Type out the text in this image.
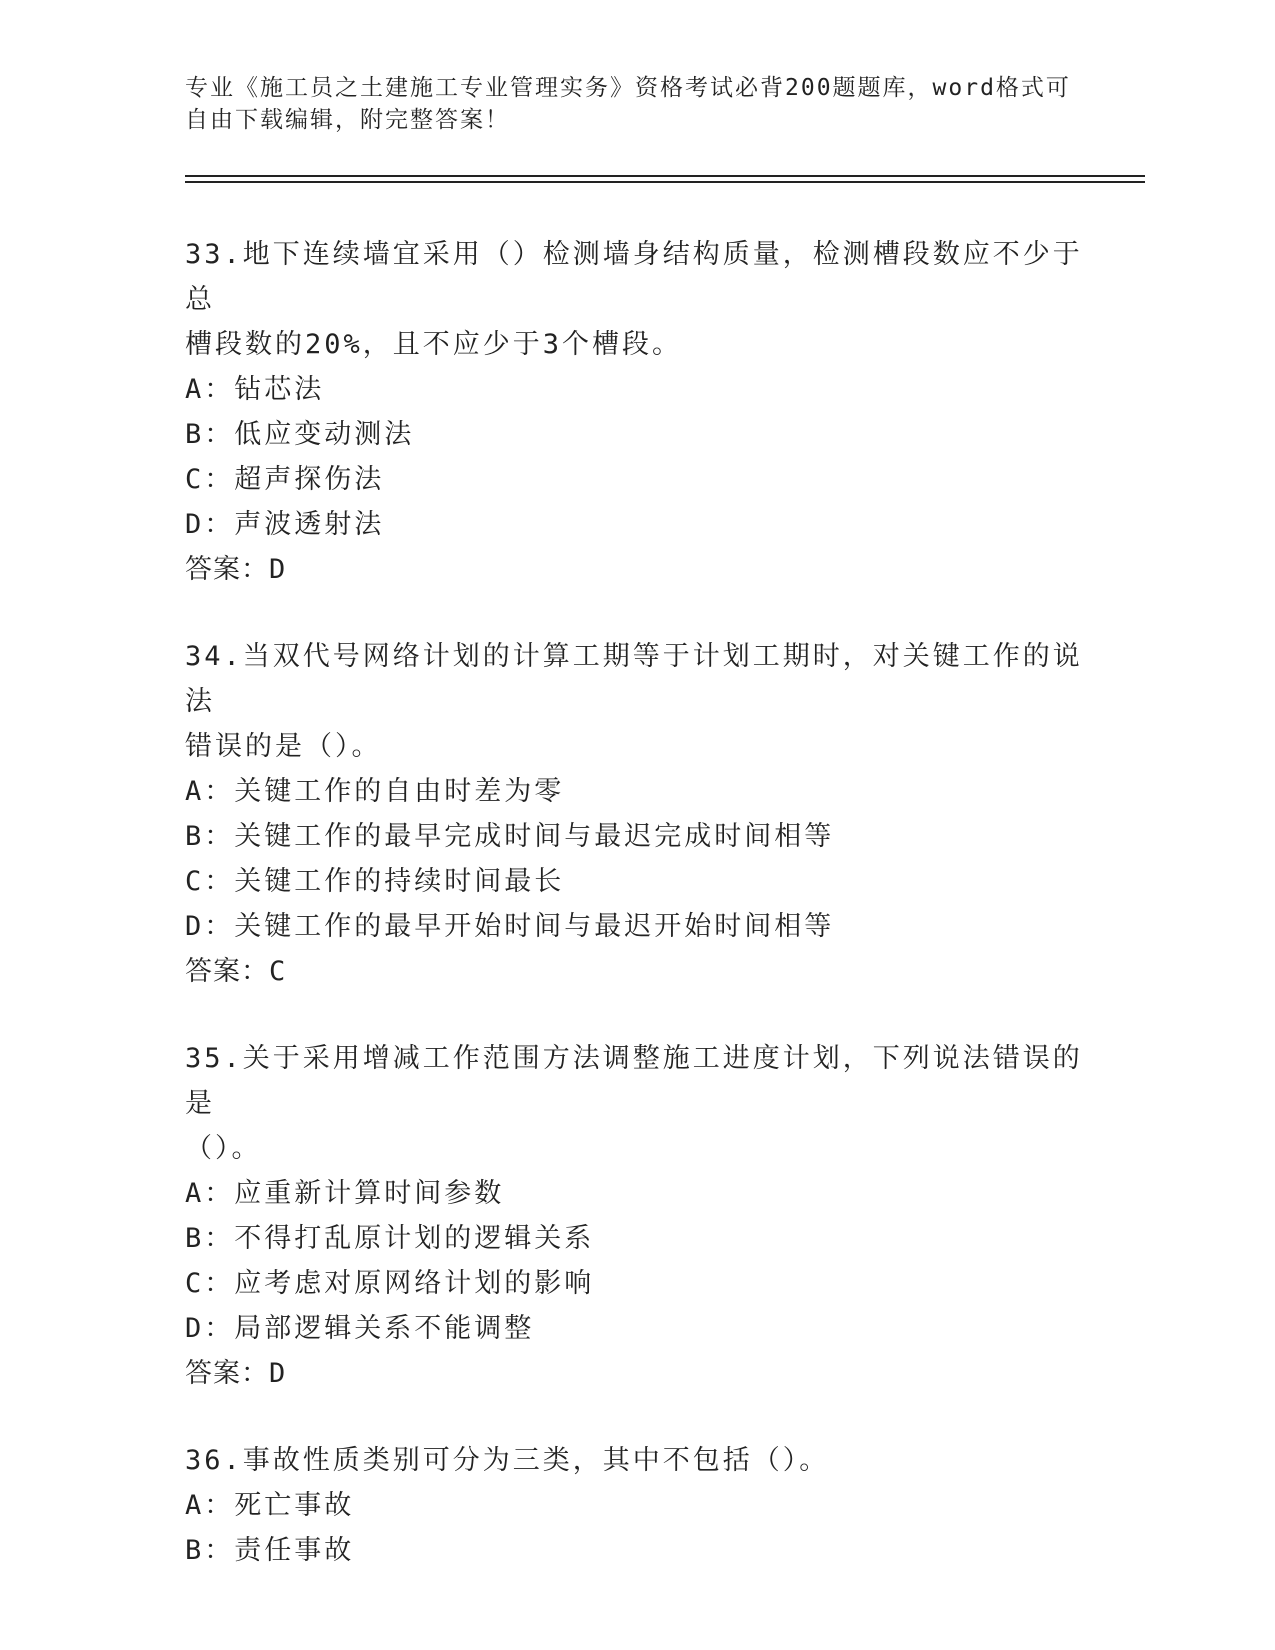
专业《施工员之土建施工专业管理实务》资格考试必背200题题库，word格式可
自由下载编辑，附完整答案！
33.地下连续墙宜采用（）检测墙身结构质量，检测槽段数应不少于总
槽段数的20%，且不应少于3个槽段。
A：钻芯法
B：低应变动测法
C：超声探伤法
D：声波透射法
答案：D
34.当双代号网络计划的计算工期等于计划工期时，对关键工作的说法
错误的是（）。
A：关键工作的自由时差为零
B：关键工作的最早完成时间与最迟完成时间相等
C：关键工作的持续时间最长
D：关键工作的最早开始时间与最迟开始时间相等
答案：C
35.关于采用增减工作范围方法调整施工进度计划，下列说法错误的是
（）。
A：应重新计算时间参数
B：不得打乱原计划的逻辑关系
C：应考虑对原网络计划的影响
D：局部逻辑关系不能调整
答案：D
36.事故性质类别可分为三类，其中不包括（）。
A：死亡事故
B：责任事故
